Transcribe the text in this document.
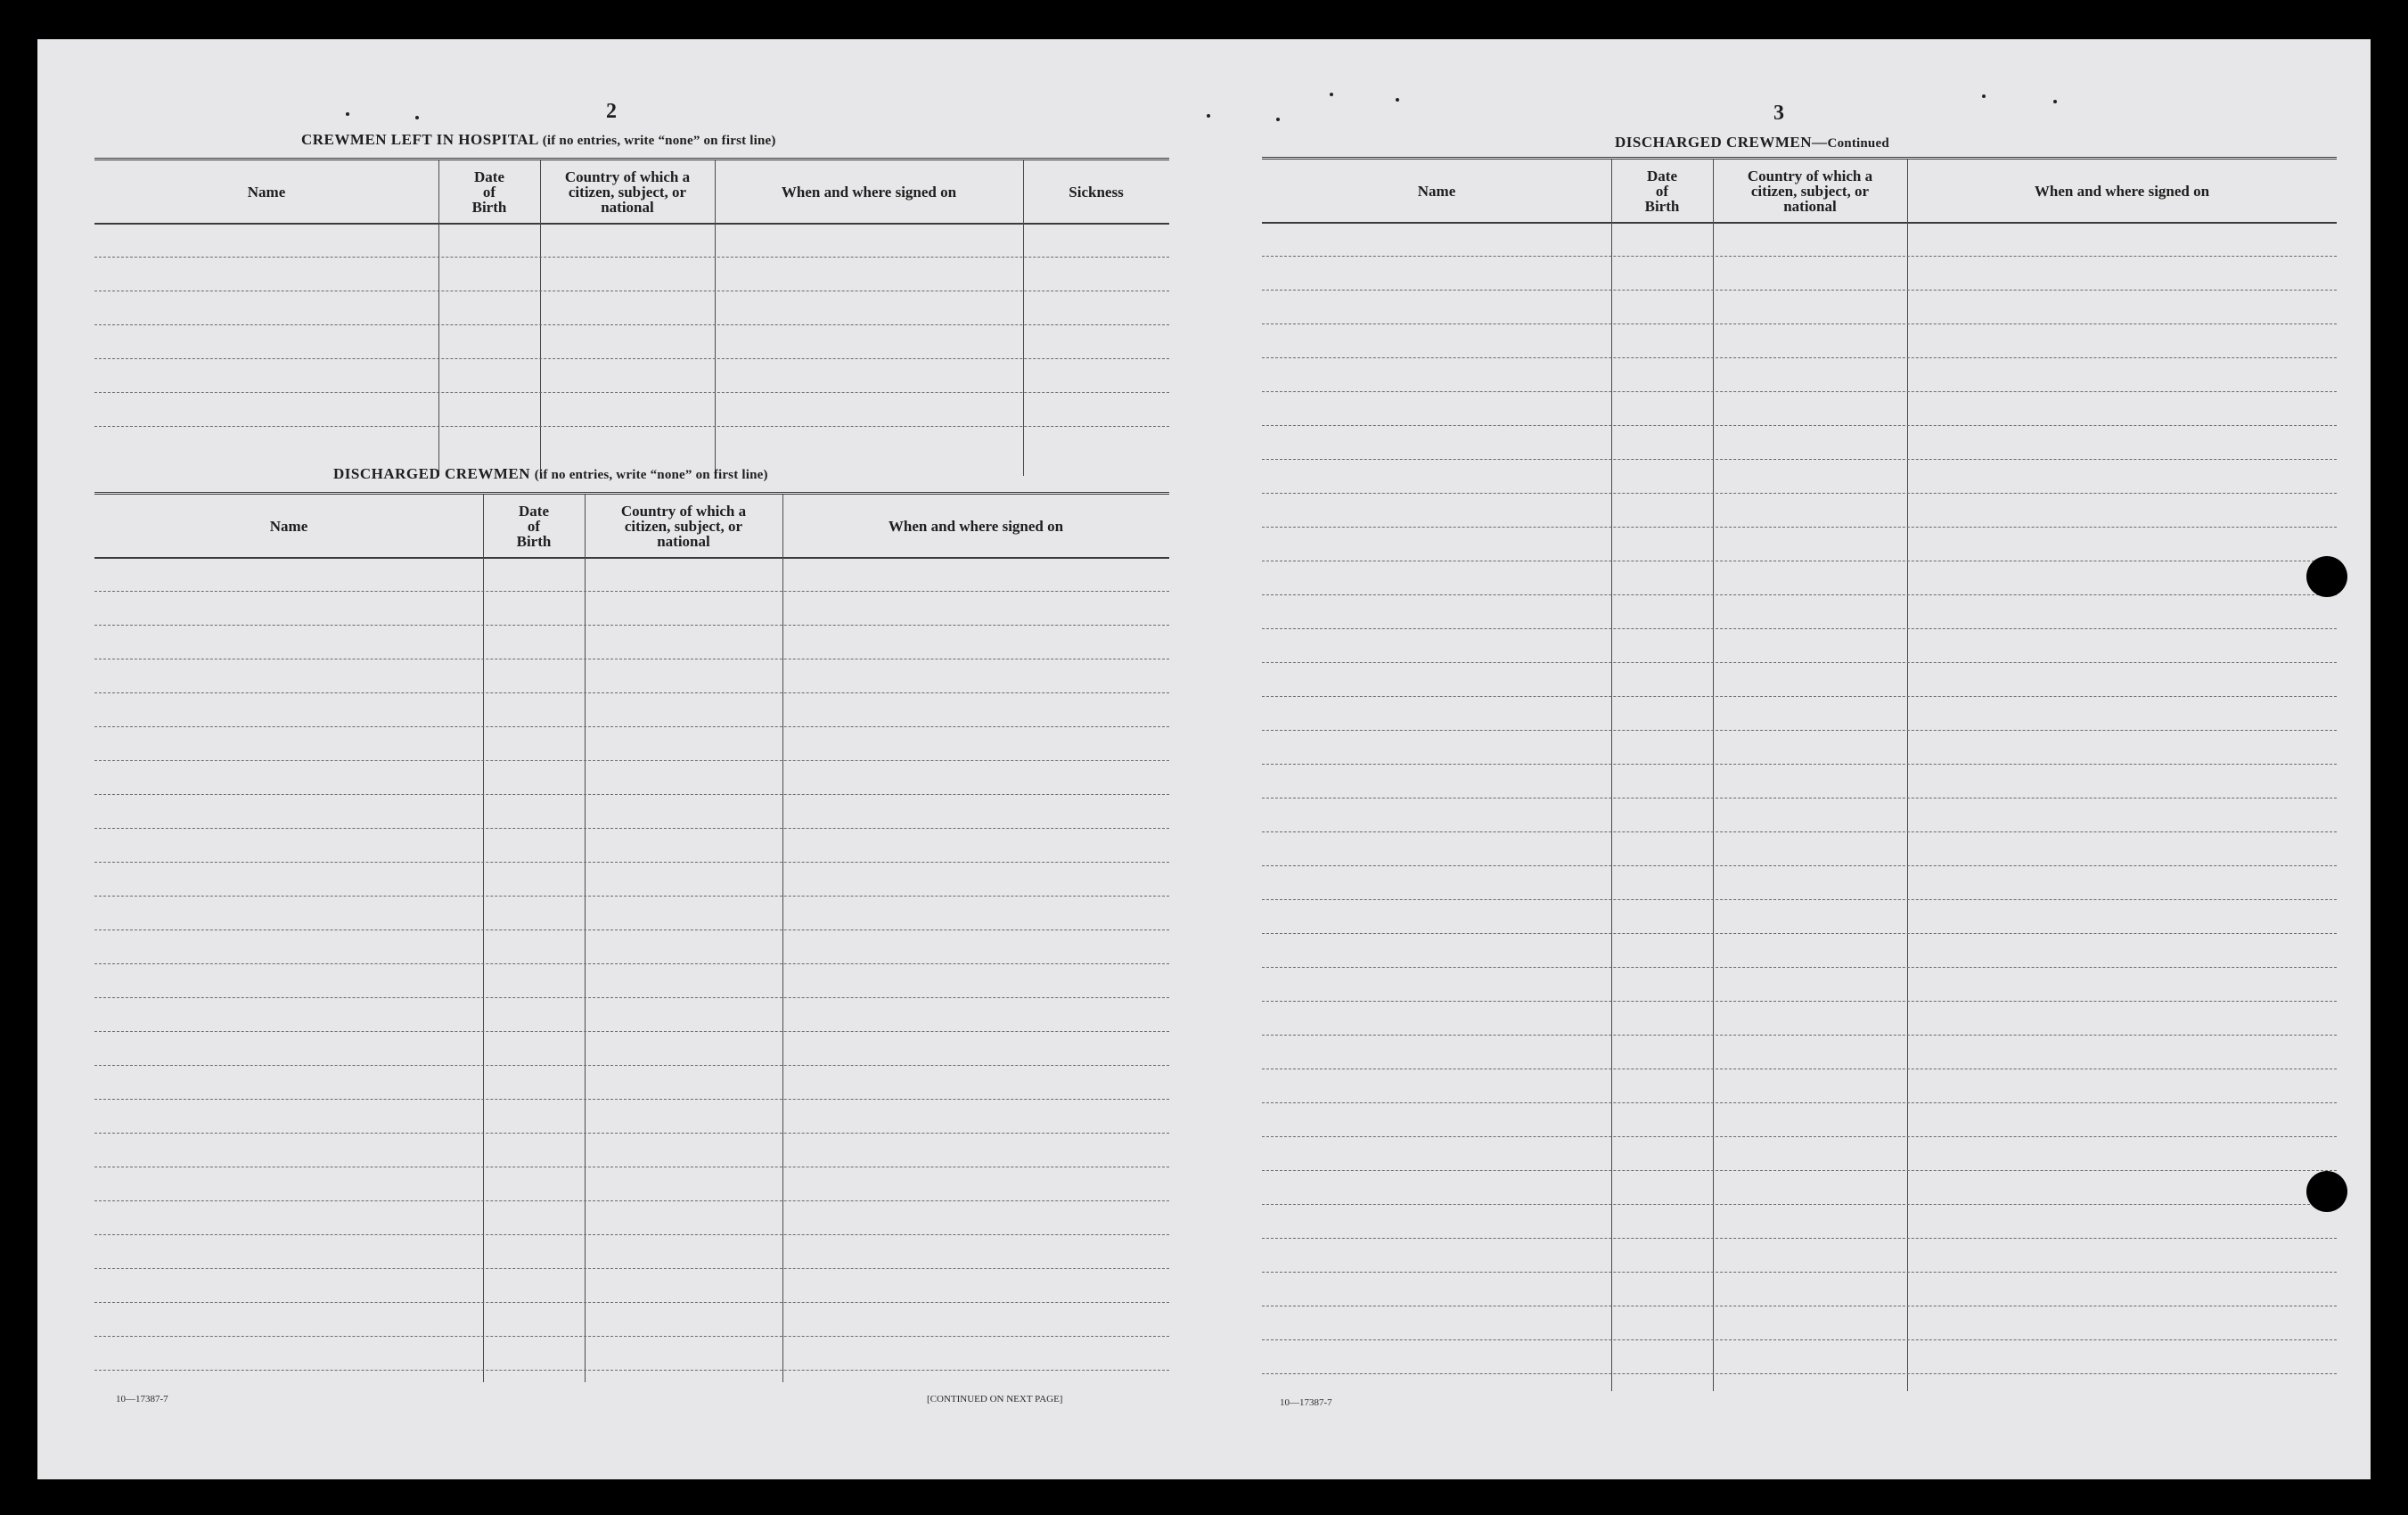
2
CREWMEN LEFT IN HOSPITAL (if no entries, write “none” on first line)
Name
Date
of
Birth
Country of which a
citizen, subject, or
national
When and where signed on	Sickness
DISCHARGED CREWMEN (if no entries, write “none” on first line)
Name
Date
of
Birth
Country of which a
citizen, subject, or
national
When and where signed on
10—17387-7	[CONTINUED ON NEXT PAGE]
3
DISCHARGED CREWMEN—Continued
Name
Date
of
Birth
Country of which a
citizen, subject, or
national
When and where signed on
10—17387-7
